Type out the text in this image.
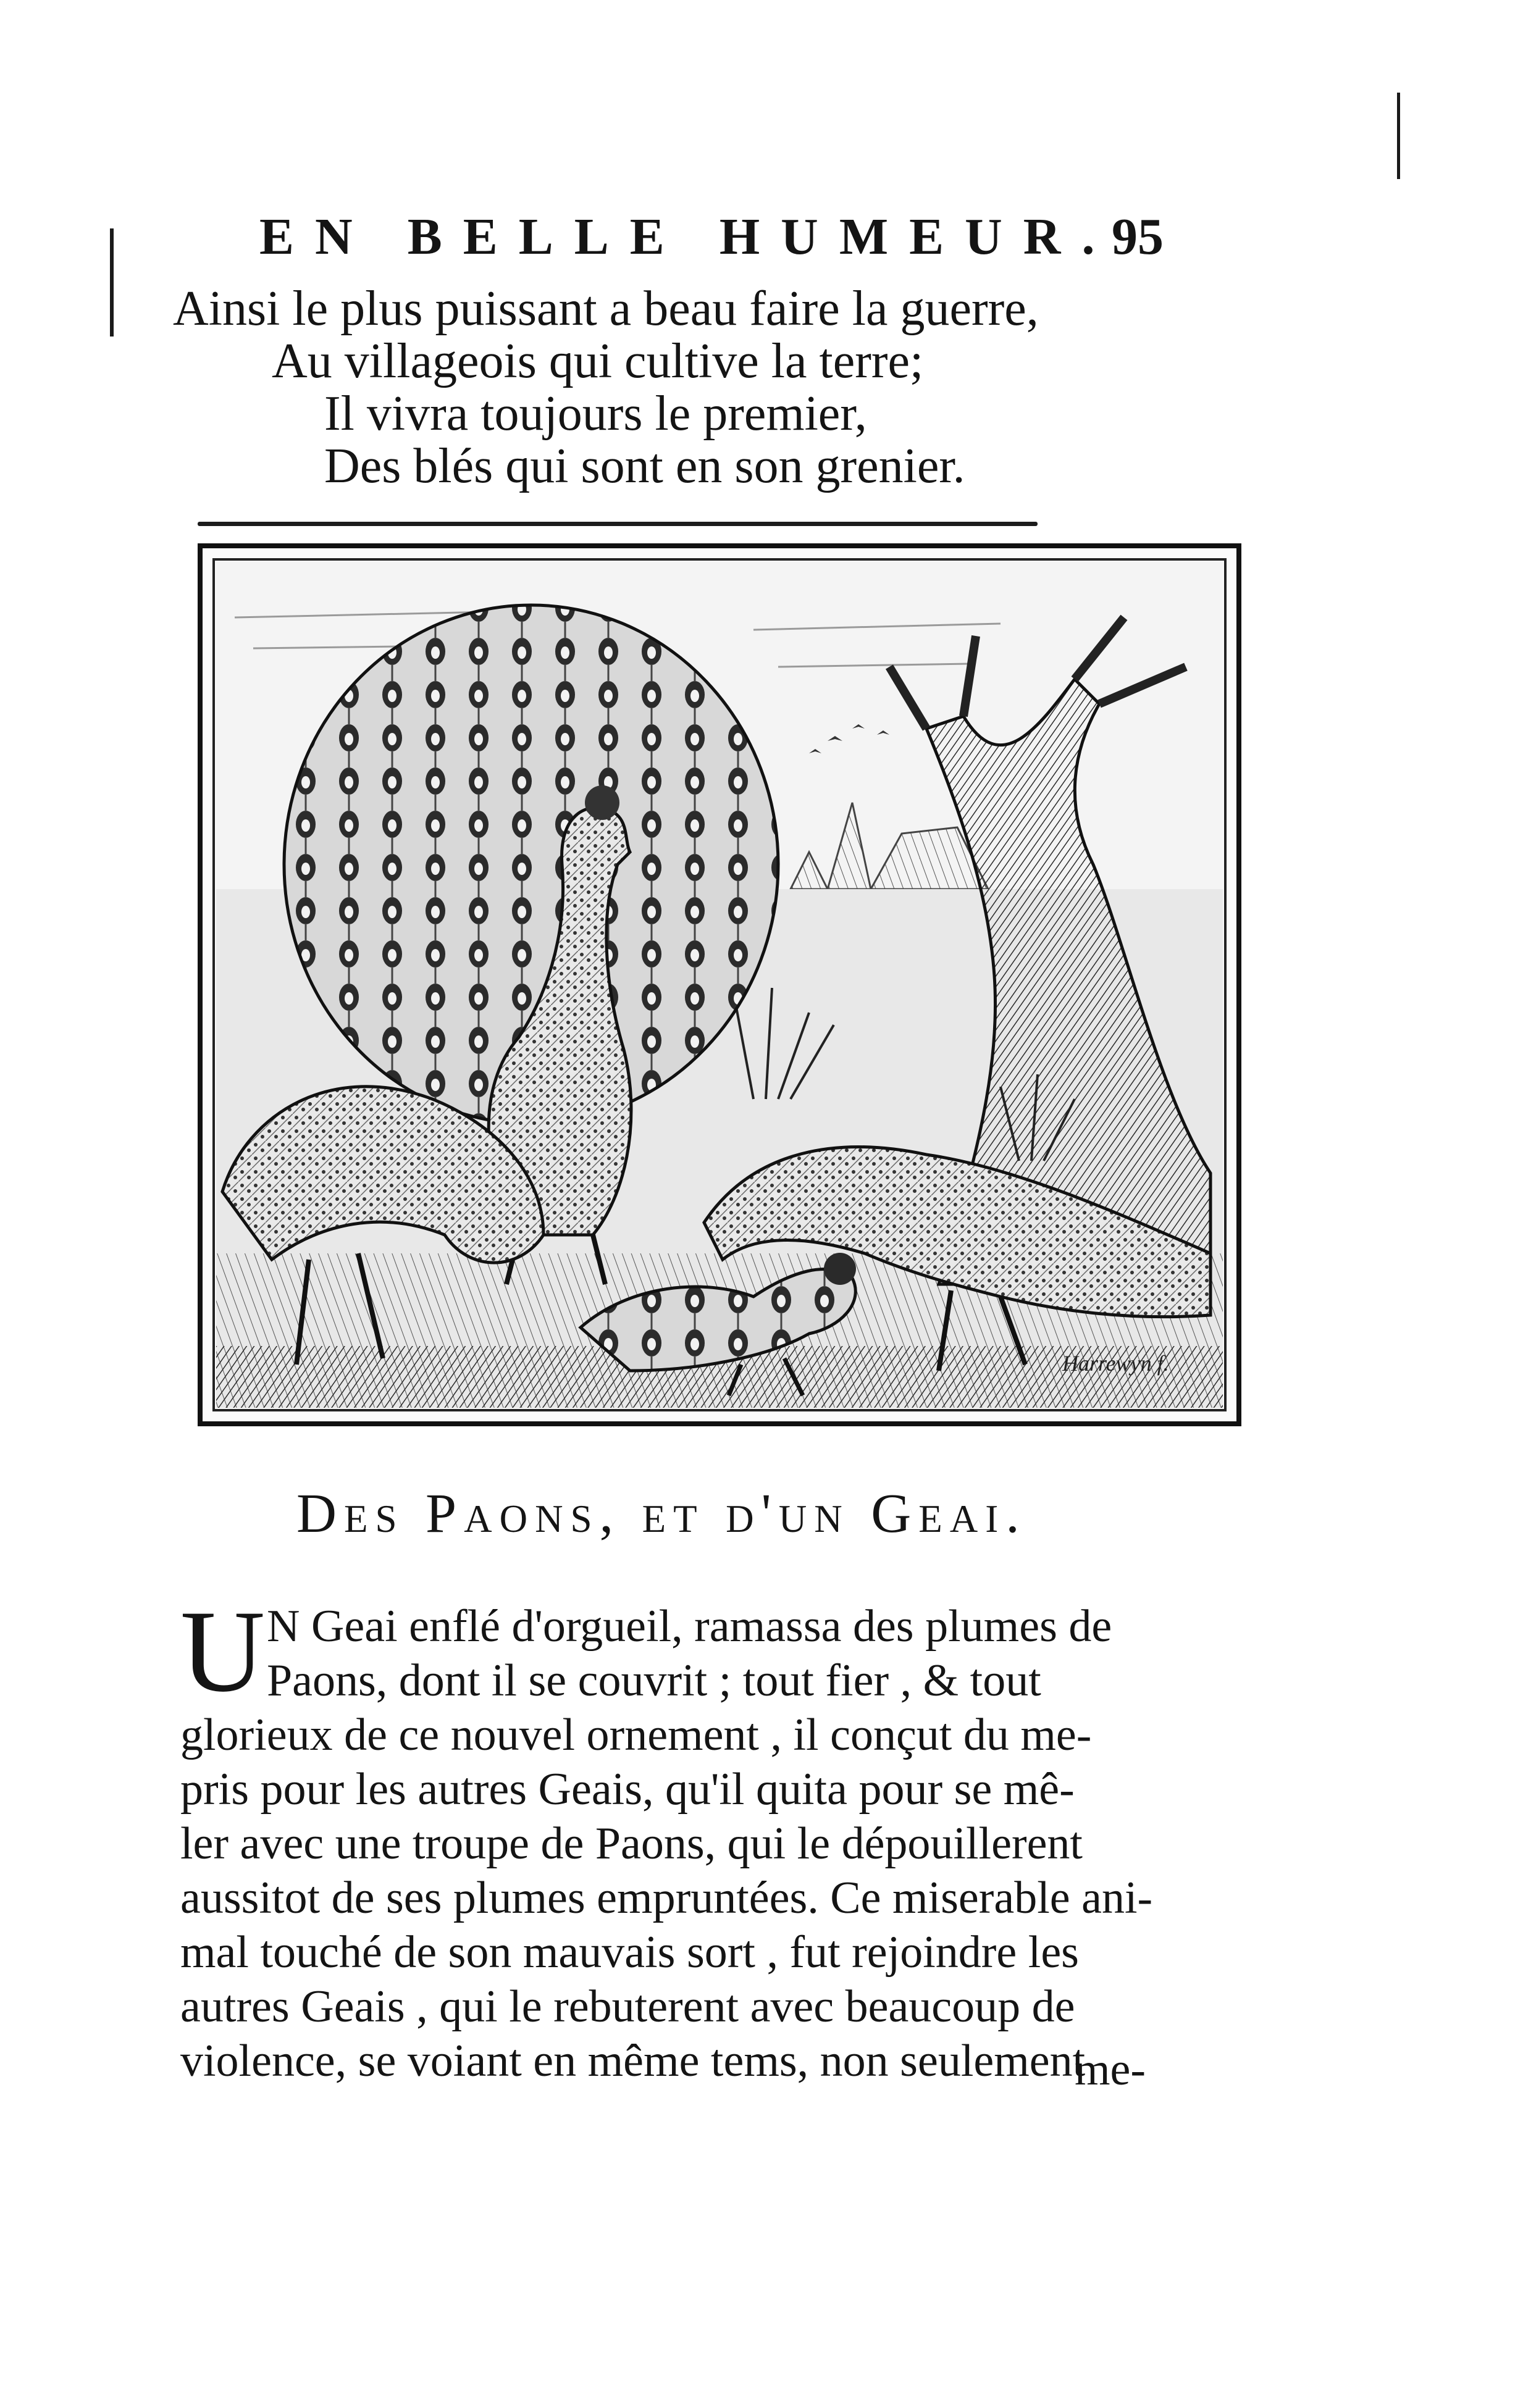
EN BELLE HUMEUR.
95
Ainsi le plus puissant a beau faire la guerre,
Au villageois qui cultive la terre;
Il vivra toujours le premier,
Des blés qui sont en son grenier.
Harrewyn f.
Des Paons, et d'un Geai.
U N Geai enflé d'orgueil, ramassa des plumes de
Paons, dont il se couvrit ; tout fier , & tout
glorieux de ce nouvel ornement , il conçut du me-
pris pour les autres Geais, qu'il quita pour se mê-
ler avec une troupe de Paons, qui le dépouillerent
aussitot de ses plumes empruntées. Ce miserable ani-
mal touché de son mauvais sort , fut rejoindre les
autres Geais , qui le rebuterent avec beaucoup de
violence, se voiant en même tems, non seulement
me-
